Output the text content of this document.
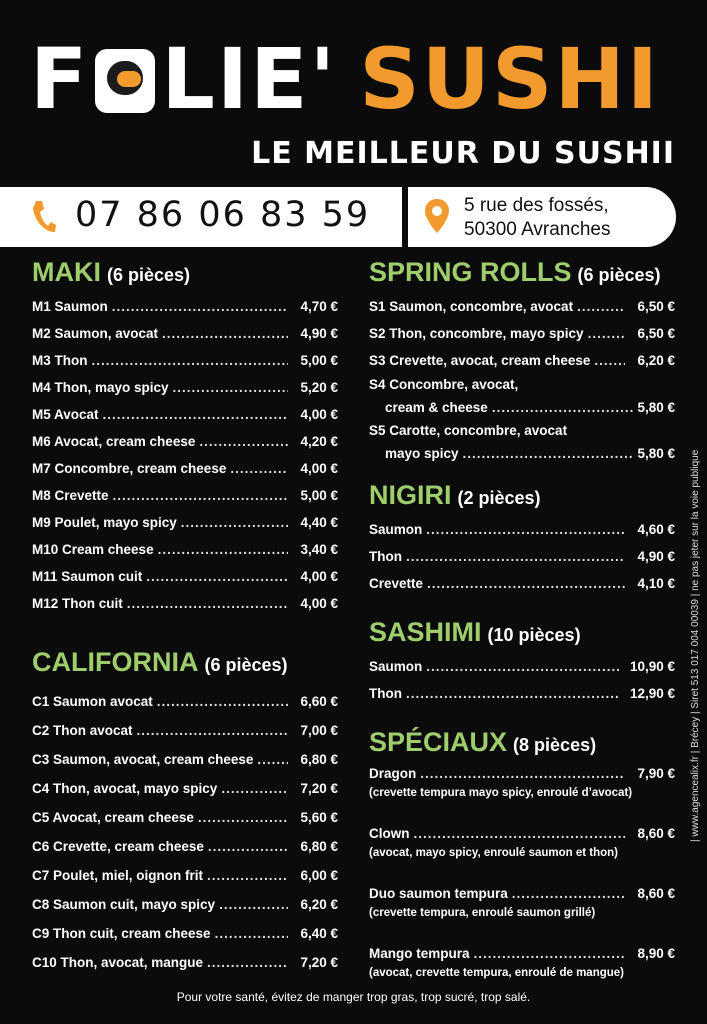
F LIE' SUSHI
LE MEILLEUR DU SUSHII
07 86 06 83 59	5 rue des fossés,
50300 Avranches
MAKI (6 pièces)
M1 Saumon .....	4,70 €
M2 Saumon, avocat .....	4,90 €
M3 Thon .....	5,00 €
M4 Thon, mayo spicy .....	5,20 €
M5 Avocat .....	4,00 €
M6 Avocat, cream cheese .....	4,20 €
M7 Concombre, cream cheese .....	4,00 €
M8 Crevette .....	5,00 €
M9 Poulet, mayo spicy .....	4,40 €
M10 Cream cheese .....	3,40 €
M11 Saumon cuit .....	4,00 €
M12 Thon cuit .....	4,00 €
CALIFORNIA (6 pièces)
C1 Saumon avocat .....	6,60 €
C2 Thon avocat .....	7,00 €
C3 Saumon, avocat, cream cheese .....	6,80 €
C4 Thon, avocat, mayo spicy .....	7,20 €
C5 Avocat, cream cheese .....	5,60 €
C6 Crevette, cream cheese .....	6,80 €
C7 Poulet, miel, oignon frit .....	6,00 €
C8 Saumon cuit, mayo spicy .....	6,20 €
C9 Thon cuit, cream cheese .....	6,40 €
C10 Thon, avocat, mangue .....	7,20 €
SPRING ROLLS (6 pièces)
S1 Saumon, concombre, avocat .....	6,50 €
S2 Thon, concombre, mayo spicy .....	6,50 €
S3 Crevette, avocat, cream cheese .....	6,20 €
S4 Concombre, avocat,
cream & cheese .....	5,80 €
S5 Carotte, concombre, avocat
mayo spicy .....	5,80 €
NIGIRI (2 pièces)
Saumon .....	4,60 €
Thon .....	4,90 €
Crevette .....	4,10 €
SASHIMI (10 pièces)
Saumon .....	10,90 €
Thon .....	12,90 €
SPÉCIAUX (8 pièces)
Dragon .....	7,90 €
(crevette tempura mayo spicy, enroulé d’avocat)
Clown .....	8,60 €
(avocat, mayo spicy, enroulé saumon et thon)
Duo saumon tempura .....	8,60 €
(crevette tempura, enroulé saumon grillé)
Mango tempura .....	8,90 €
(avocat, crevette tempura, enroulé de mangue)
Pour votre santé, évitez de manger trop gras, trop sucré, trop salé.
| www.agencealix.fr | Brécey | Siret 513 017 004 00039 | ne pas jeter sur la voie publique
